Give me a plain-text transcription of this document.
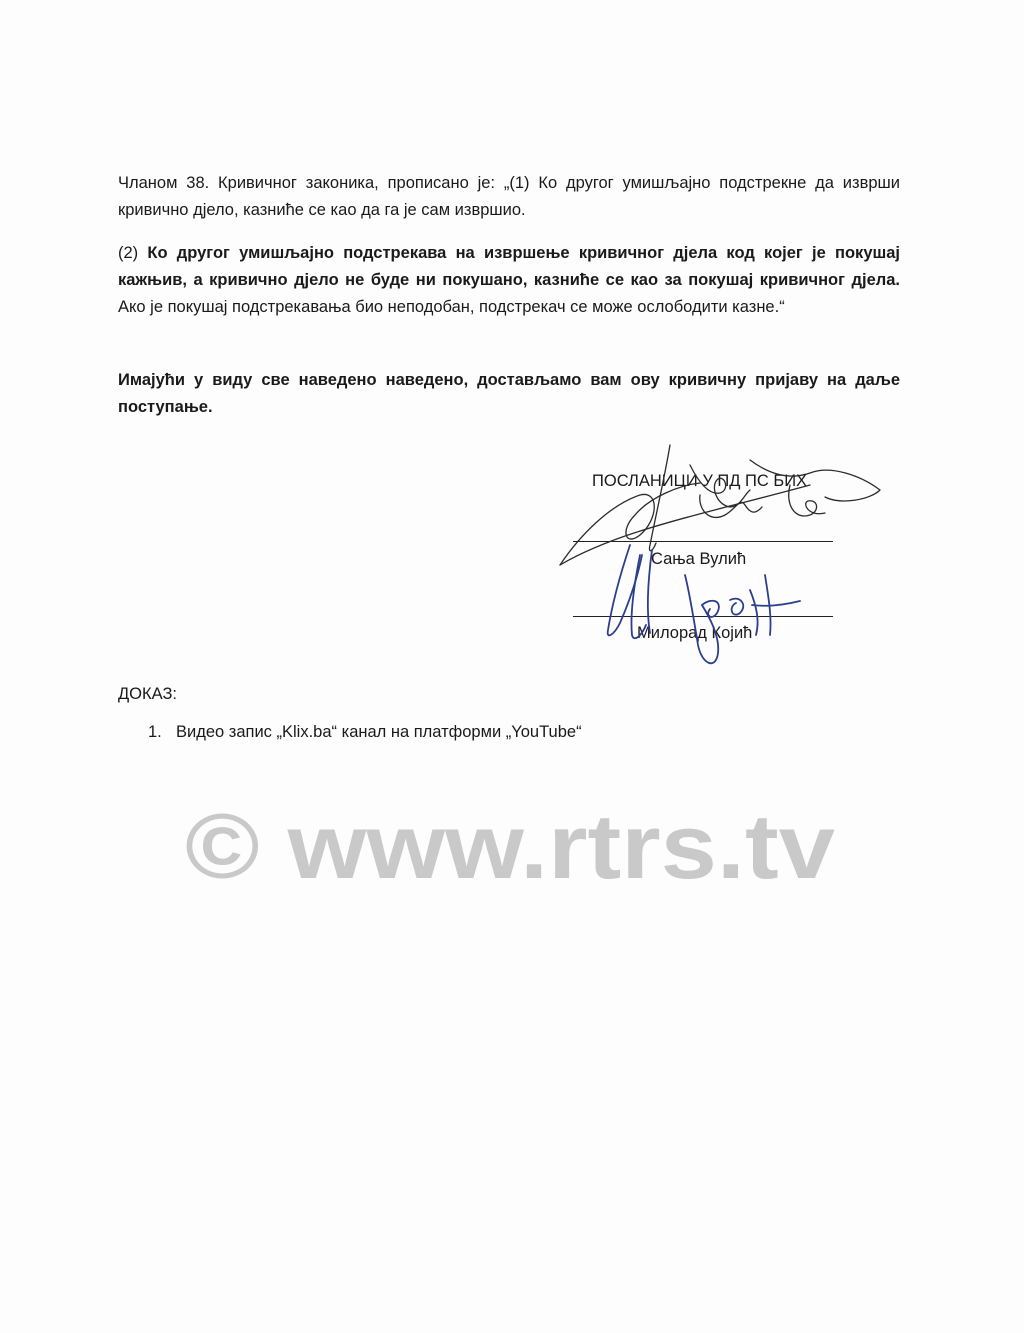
Чланом 38. Кривичног законика, прописано је: „(1) Ко другог умишљајно подстрекне да изврши кривично дјело, казниће се као да га је сам извршио.

(2) Ко другог умишљајно подстрекава на извршење кривичног дјела код којег је покушај кажњив, а кривично дјело не буде ни покушано, казниће се као за покушај кривичног дјела. Ако је покушај подстрекавања био неподобан, подстрекач се може ослободити казне.“

Имајући у виду све наведено наведено, достављамо вам ову кривичну пријаву на даље поступање.

ПОСЛАНИЦИ У ПД ПС БИХ
Сања Вулић
Милорад Којић
ДОКАЗ:
1. Видео запис „Klix.ba“ канал на платформи „YouTube“
© www.rtrs.tv
